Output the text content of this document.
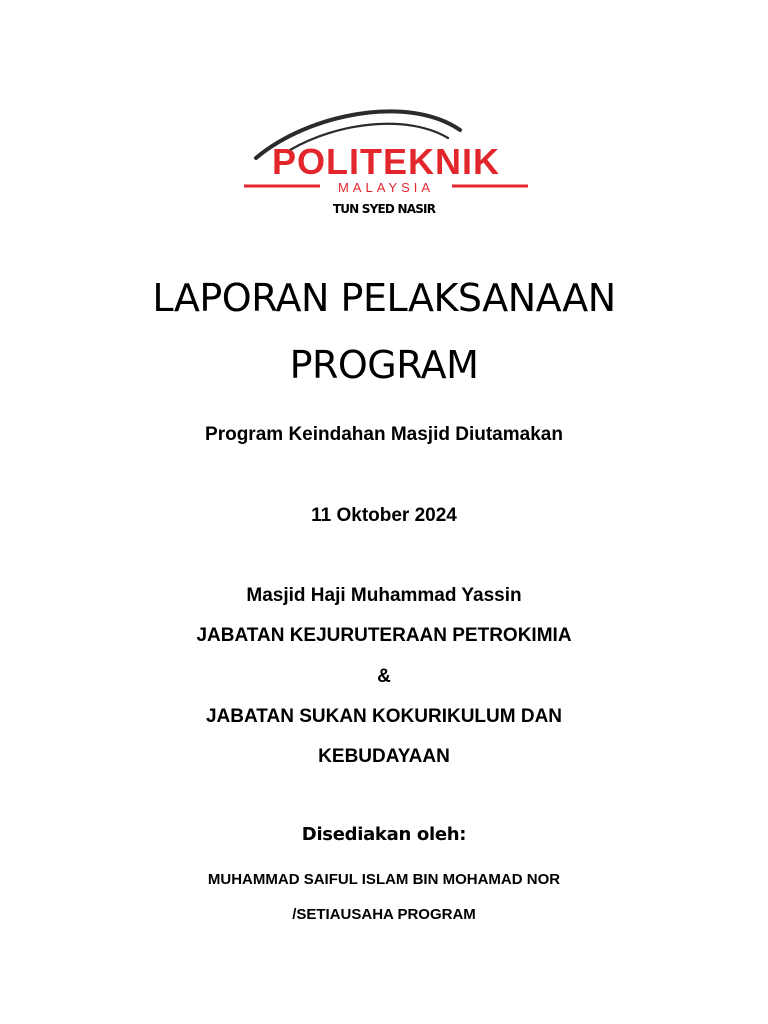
POLITEKNIK
MALAYSIA
TUN SYED NASIR
LAPORAN PELAKSANAAN
PROGRAM
Program Keindahan Masjid Diutamakan
11 Oktober 2024
Masjid Haji Muhammad Yassin
JABATAN KEJURUTERAAN PETROKIMIA
&
JABATAN SUKAN KOKURIKULUM DAN
KEBUDAYAAN
Disediakan oleh:
MUHAMMAD SAIFUL ISLAM BIN MOHAMAD NOR
/SETIAUSAHA PROGRAM
